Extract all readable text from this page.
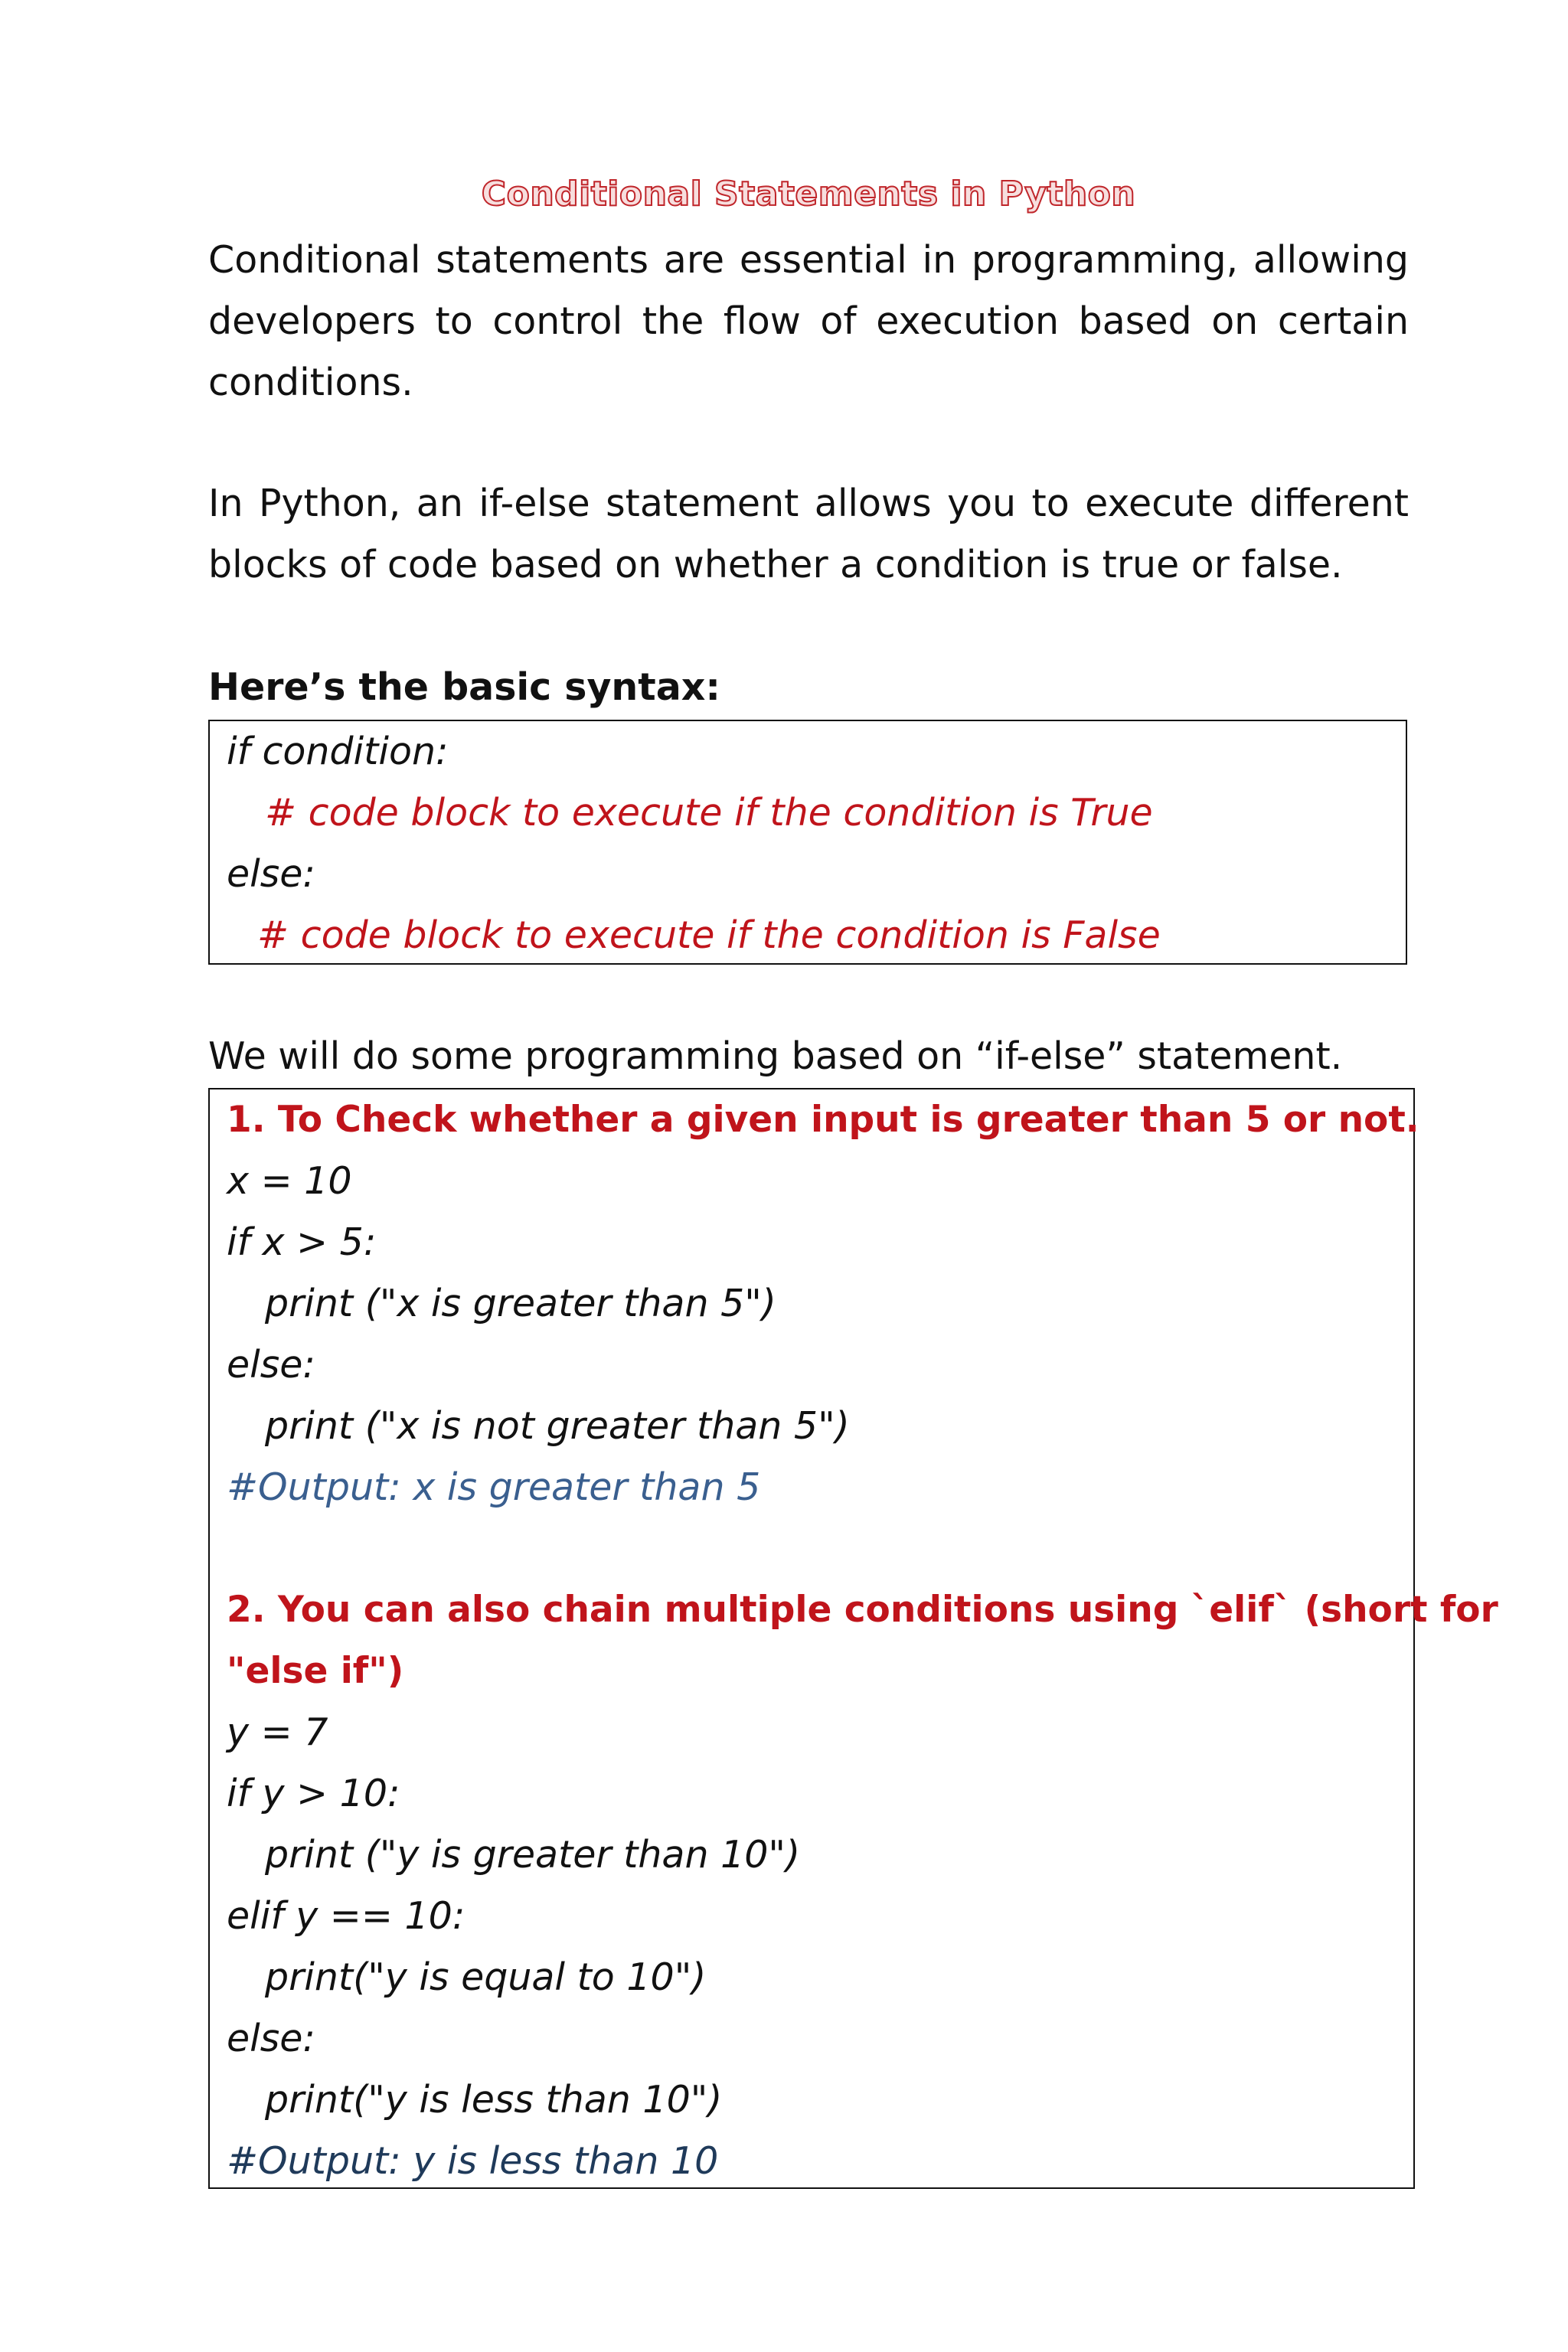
Conditional Statements in Python
Conditional statements are essential in programming, allowing developers to control the flow of execution based on certain conditions.
In Python, an if-else statement allows you to execute different blocks of code based on whether a condition is true or false.
Here’s the basic syntax:
if condition:
# code block to execute if the condition is True
else:
# code block to execute if the condition is False
We will do some programming based on “if-else” statement.
1. To Check whether a given input is greater than 5 or not.
x = 10
if x > 5:
print ("x is greater than 5")
else:
print ("x is not greater than 5")
#Output: x is greater than 5
2. You can also chain multiple conditions using `elif` (short for
"else if")
y = 7
if y > 10:
print ("y is greater than 10")
elif y == 10:
print("y is equal to 10")
else:
print("y is less than 10")
#Output: y is less than 10
